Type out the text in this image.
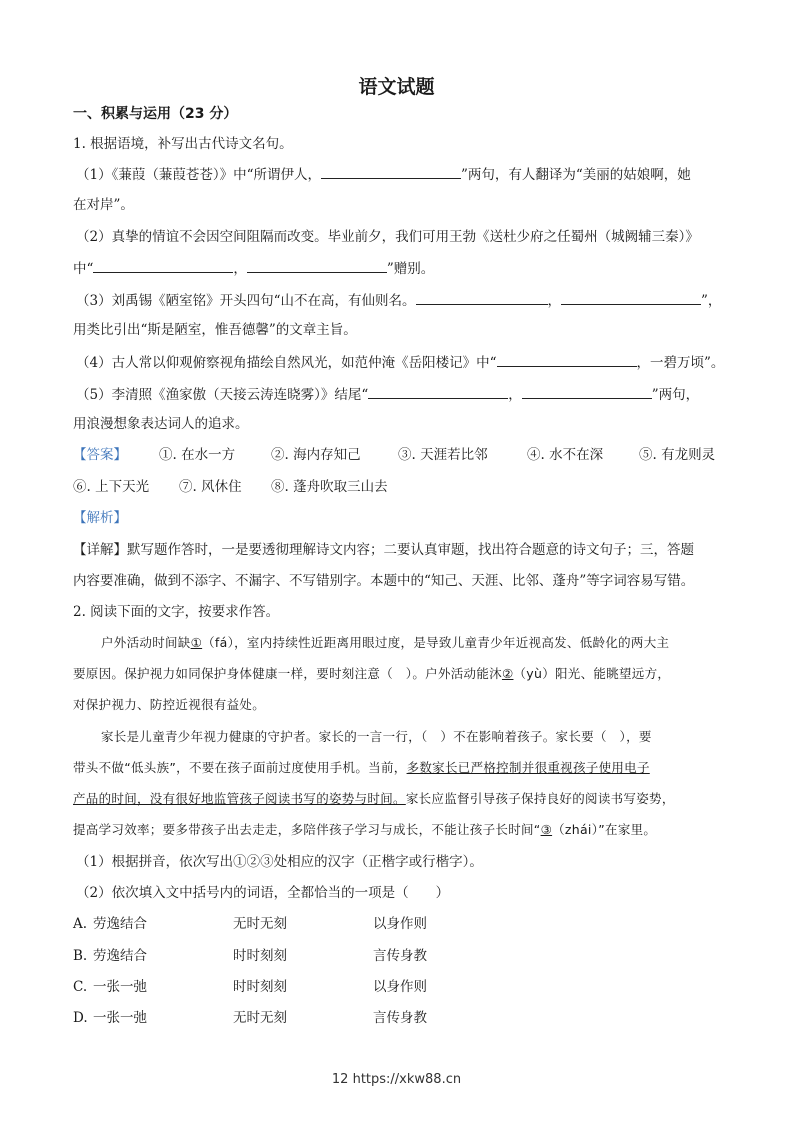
语文试题
一、积累与运用（23 分）
1. 根据语境，补写出古代诗文名句。
（1）《蒹葭（蒹葭苍苍）》中“所谓伊人，	”两句，有人翻译为“美丽的姑娘啊，她
在对岸”。
（2）真挚的情谊不会因空间阻隔而改变。毕业前夕，我们可用王勃《送杜少府之任蜀州（城阙辅三秦）》
中“	，	”赠别。
（3）刘禹锡《陋室铭》开头四句“山不在高，有仙则名。	，	”，
用类比引出“斯是陋室，惟吾德馨”的文章主旨。
（4）古人常以仰观俯察视角描绘自然风光，如范仲淹《岳阳楼记》中“	，一碧万顷”。
（5）李清照《渔家傲（天接云涛连晓雾）》结尾“	，	”两句，
用浪漫想象表达词人的追求。
【答案】 ①. 在水一方	②. 海内存知己	③. 天涯若比邻	④. 水不在深	⑤. 有龙则灵
⑥. 上下天光 ⑦. 风休住 ⑧. 蓬舟吹取三山去
【解析】
【详解】默写题作答时，一是要透彻理解诗文内容；二要认真审题，找出符合题意的诗文句子；三，答题
内容要准确，做到不添字、不漏字、不写错别字。本题中的“知己、天涯、比邻、蓬舟”等字词容易写错。
2. 阅读下面的文字，按要求作答。
户外活动时间缺①（fá），室内持续性近距离用眼过度，是导致儿童青少年近视高发、低龄化的两大主
要原因。保护视力如同保护身体健康一样，要时刻注意（　）。户外活动能沐②（yù）阳光、能眺望远方，
对保护视力、防控近视很有益处。
家长是儿童青少年视力健康的守护者。家长的一言一行，（　）不在影响着孩子。家长要（　），要
带头不做“低头族”，不要在孩子面前过度使用手机。当前，多数家长已严格控制并很重视孩子使用电子
产品的时间，没有很好地监管孩子阅读书写的姿势与时间。家长应监督引导孩子保持良好的阅读书写姿势，
提高学习效率；要多带孩子出去走走，多陪伴孩子学习与成长，不能让孩子长时间“③（zhái）”在家里。
（1）根据拼音，依次写出①②③处相应的汉字（正楷字或行楷字）。
（2）依次填入文中括号内的词语，全都恰当的一项是（　　）
A. 劳逸结合	无时无刻	以身作则
B. 劳逸结合	时时刻刻	言传身教
C. 一张一弛	时时刻刻	以身作则
D. 一张一弛	无时无刻	言传身教
12 https://xkw88.cn
